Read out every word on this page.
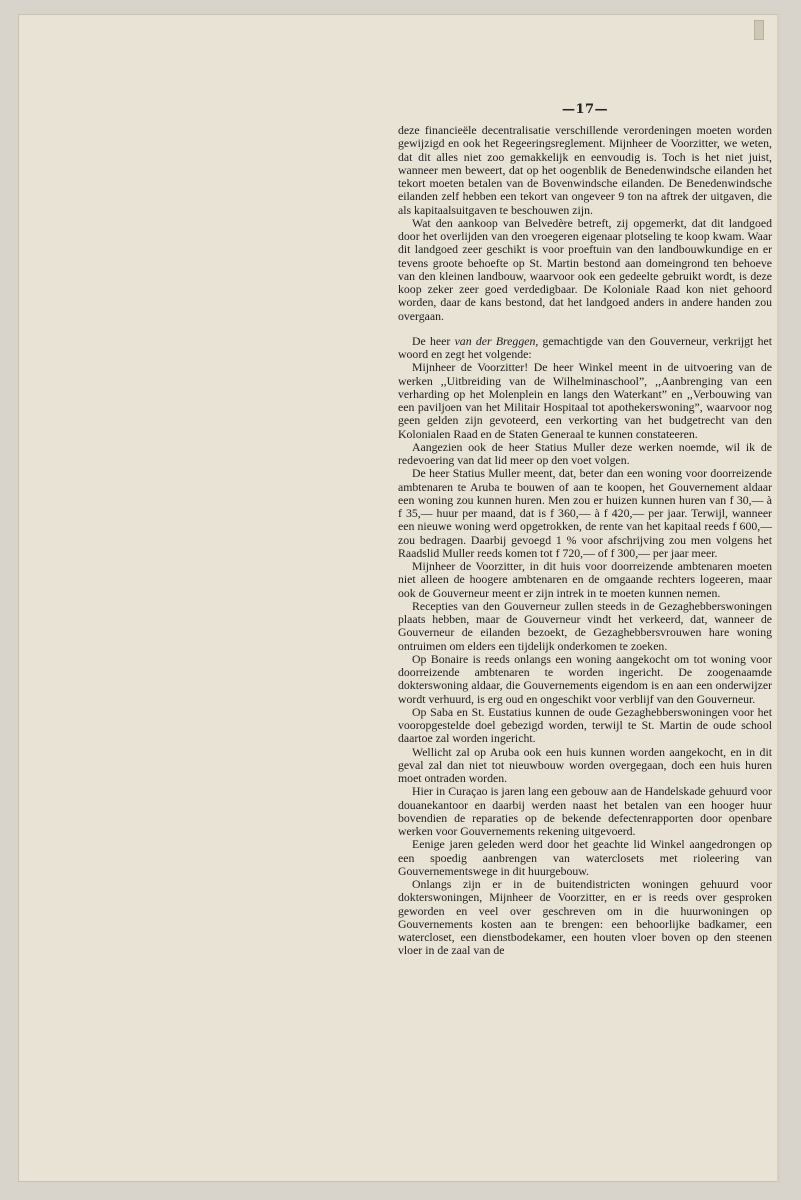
—17—

deze financieële decentralisatie verschillende verordeningen moeten worden gewijzigd en ook het Regeeringsreglement. Mijnheer de Voorzitter, we weten, dat dit alles niet zoo gemakkelijk en eenvoudig is. Toch is het niet juist, wanneer men beweert, dat op het oogenblik de Benedenwindsche eilanden het tekort moeten betalen van de Bovenwindsche eilanden. De Benedenwindsche eilanden zelf hebben een tekort van ongeveer 9 ton na aftrek der uitgaven, die als kapitaalsuitgaven te beschouwen zijn.

Wat den aankoop van Belvedère betreft, zij opgemerkt, dat dit landgoed door het overlijden van den vroegeren eigenaar plotseling te koop kwam. Waar dit landgoed zeer geschikt is voor proeftuin van den landbouwkundige en er tevens groote behoefte op St. Martin bestond aan domeingrond ten behoeve van den kleinen landbouw, waarvoor ook een gedeelte gebruikt wordt, is deze koop zeker zeer goed verdedigbaar. De Koloniale Raad kon niet gehoord worden, daar de kans bestond, dat het landgoed anders in andere handen zou overgaan.

De heer van der Breggen, gemachtigde van den Gouverneur, verkrijgt het woord en zegt het volgende:

Mijnheer de Voorzitter! De heer Winkel meent in de uitvoering van de werken ,,Uitbreiding van de Wilhelminaschool”, ,,Aanbrenging van een verharding op het Molenplein en langs den Waterkant” en ,,Verbouwing van een paviljoen van het Militair Hospitaal tot apothekerswoning”, waarvoor nog geen gelden zijn gevoteerd, een verkorting van het budgetrecht van den Kolonialen Raad en de Staten Generaal te kunnen constateeren.

Aangezien ook de heer Statius Muller deze werken noemde, wil ik de redevoering van dat lid meer op den voet volgen.

De heer Statius Muller meent, dat, beter dan een woning voor doorreizende ambtenaren te Aruba te bouwen of aan te koopen, het Gouvernement aldaar een woning zou kunnen huren. Men zou er huizen kunnen huren van f 30,— à f 35,— huur per maand, dat is f 360,— à f 420,— per jaar. Terwijl, wanneer een nieuwe woning werd opgetrokken, de rente van het kapitaal reeds f 600,— zou bedragen. Daarbij gevoegd 1 % voor afschrijving zou men volgens het Raadslid Muller reeds komen tot f 720,— of f 300,— per jaar meer.

Mijnheer de Voorzitter, in dit huis voor doorreizende ambtenaren moeten niet alleen de hoogere ambtenaren en de omgaande rechters logeeren, maar ook de Gouverneur meent er zijn intrek in te moeten kunnen nemen.

Recepties van den Gouverneur zullen steeds in de Gezaghebberswoningen plaats hebben, maar de Gouverneur vindt het verkeerd, dat, wanneer de Gouverneur de eilanden bezoekt, de Gezaghebbersvrouwen hare woning ontruimen om elders een tijdelijk onderkomen te zoeken.

Op Bonaire is reeds onlangs een woning aangekocht om tot woning voor doorreizende ambtenaren te worden ingericht. De zoogenaamde dokterswoning aldaar, die Gouvernements eigendom is en aan een onderwijzer wordt verhuurd, is erg oud en ongeschikt voor verblijf van den Gouverneur.

Op Saba en St. Eustatius kunnen de oude Gezaghebberswoningen voor het vooropgestelde doel gebezigd worden, terwijl te St. Martin de oude school daartoe zal worden ingericht.

Wellicht zal op Aruba ook een huis kunnen worden aangekocht, en in dit geval zal dan niet tot nieuwbouw worden overgegaan, doch een huis huren moet ontraden worden.

Hier in Curaçao is jaren lang een gebouw aan de Handelskade gehuurd voor douanekantoor en daarbij werden naast het betalen van een hooger huur bovendien de reparaties op de bekende defectenrapporten door openbare werken voor Gouvernements rekening uitgevoerd.

Eenige jaren geleden werd door het geachte lid Winkel aangedrongen op een spoedig aanbrengen van waterclosets met rioleering van Gouvernementswege in dit huurgebouw.

Onlangs zijn er in de buitendistricten woningen gehuurd voor dokterswoningen, Mijnheer de Voorzitter, en er is reeds over gesproken geworden en veel over geschreven om in die huurwoningen op Gouvernements kosten aan te brengen: een behoorlijke badkamer, een watercloset, een dienstbodekamer, een houten vloer boven op den steenen vloer in de zaal van de
